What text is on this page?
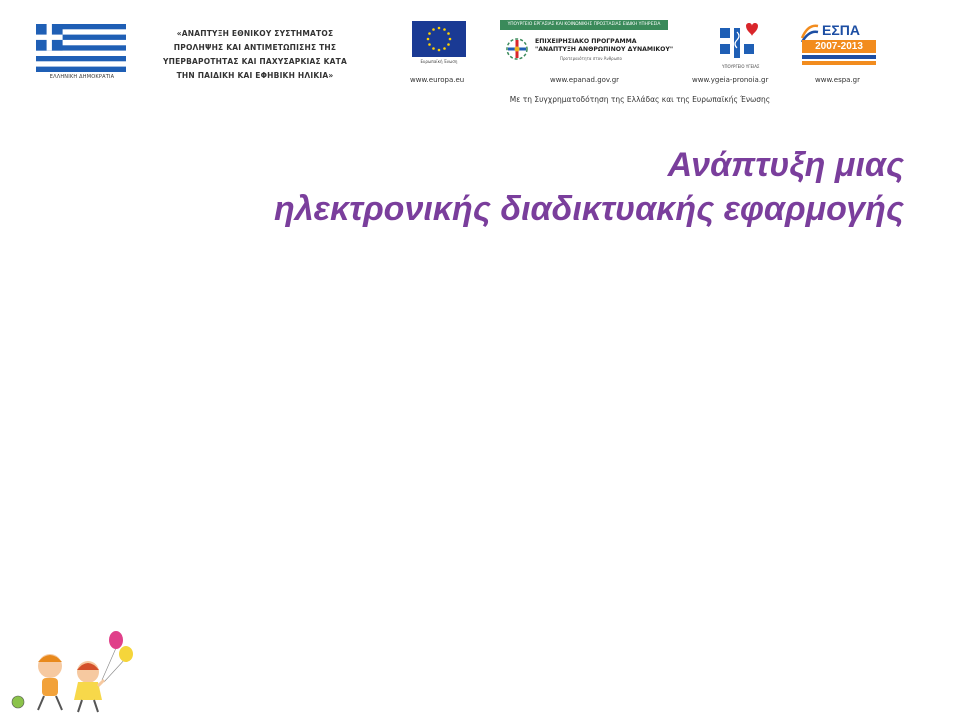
ΕΛΛΗΝΙΚΗ ΔΗΜΟΚΡΑΤΙΑ
«ΑΝΑΠΤΥΞΗ ΕΘΝΙΚΟΥ ΣΥΣΤΗΜΑΤΟΣ
ΠΡΟΛΗΨΗΣ ΚΑΙ ΑΝΤΙΜΕΤΩΠΙΣΗΣ ΤΗΣ
ΥΠΕΡΒΑΡΟΤΗΤΑΣ ΚΑΙ ΠΑΧΥΣΑΡΚΙΑΣ ΚΑΤΑ
ΤΗΝ ΠΑΙΔΙΚΗ ΚΑΙ ΕΦΗΒΙΚΗ ΗΛΙΚΙΑ»
Ευρωπαϊκή Ένωση
ΥΠΟΥΡΓΕΙΟ ΕΡΓΑΣΙΑΣ ΚΑΙ ΚΟΙΝΩΝΙΚΗΣ ΠΡΟΣΤΑΣΙΑΣ ΕΙΔΙΚΗ ΥΠΗΡΕΣΙΑ
ΕΠΙΧΕΙΡΗΣΙΑΚΟ ΠΡΟΓΡΑΜΜΑ
"ΑΝΑΠΤΥΞΗ ΑΝΘΡΩΠΙΝΟΥ ΔΥΝΑΜΙΚΟΥ"
Προτεραιότητα στον Άνθρωπο
ΥΠΟΥΡΓΕΙΟ ΥΓΕΙΑΣ
ΕΣΠΑ
2007-2013
www.europa.eu	www.epanad.gov.gr	www.ygeia-pronoia.gr	www.espa.gr
Με τη Συγχρηματοδότηση της Ελλάδας και της Ευρωπαϊκής Ένωσης
Ανάπτυξη μιας
ηλεκτρονικής διαδικτυακής εφαρμογής
